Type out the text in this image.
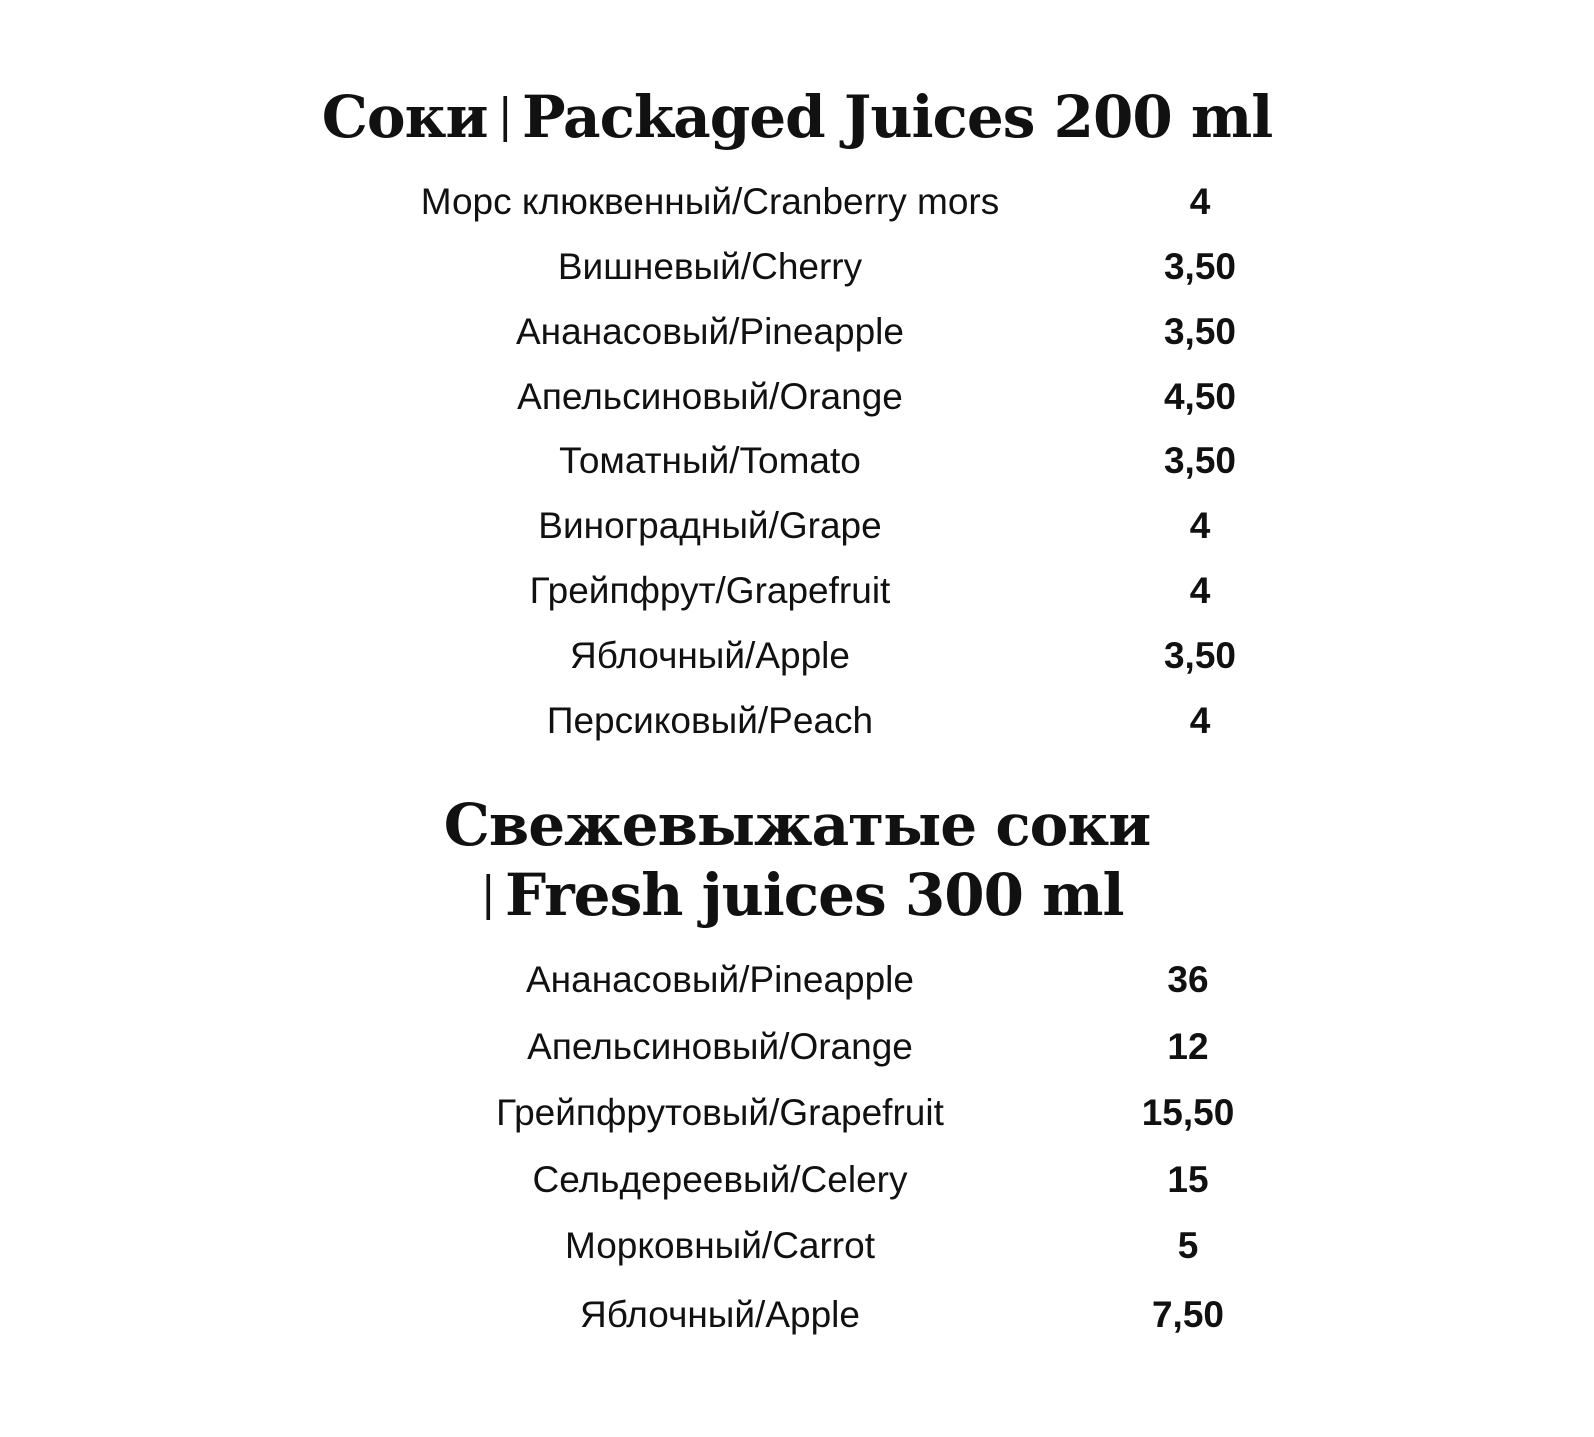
Соки | Packaged Juices 200 ml
Морс клюквенный/Cranberry mors	4
Вишневый/Cherry	3,50
Ананасовый/Pineapple	3,50
Апельсиновый/Orange	4,50
Томатный/Tomato	3,50
Виноградный/Grape	4
Грейпфрут/Grapefruit	4
Яблочный/Apple	3,50
Персиковый/Peach	4
Свежевыжатые соки
| Fresh juices 300 ml
Ананасовый/Pineapple	36
Апельсиновый/Orange	12
Грейпфрутовый/Grapefruit	15,50
Сельдереевый/Celery	15
Морковный/Carrot	5
Яблочный/Apple	7,50
